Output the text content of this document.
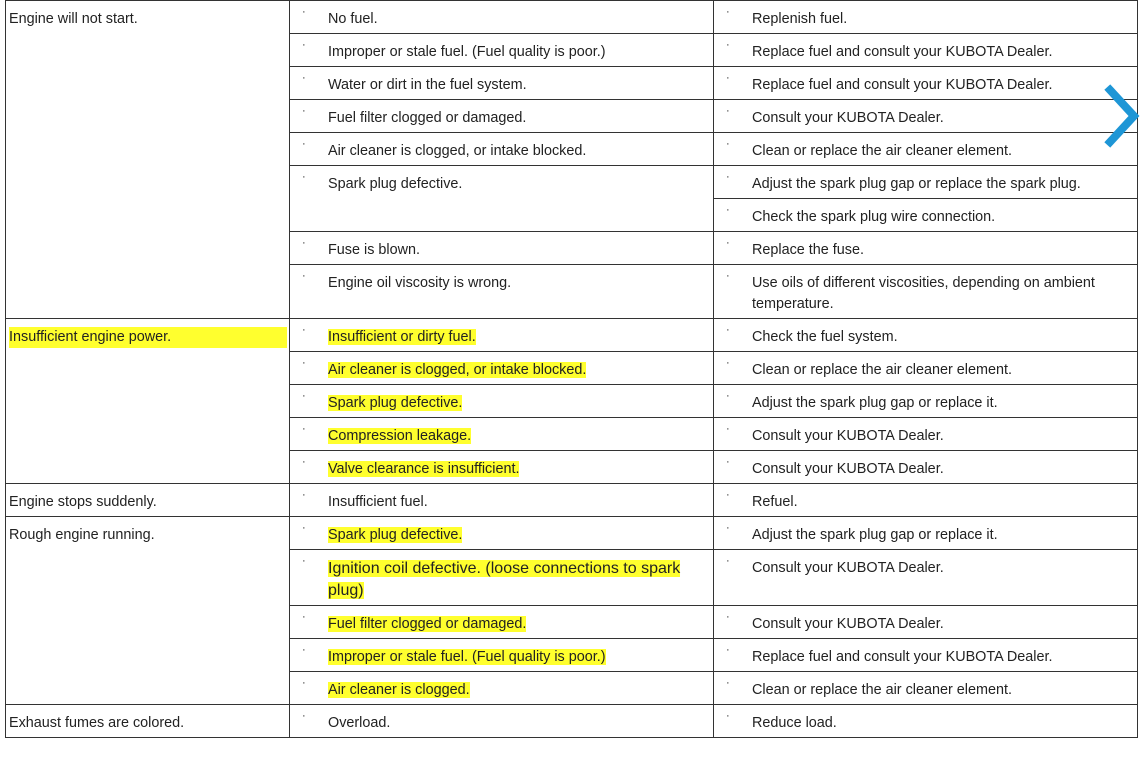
Engine will not start.	· No fuel.	· Replenish fuel.

	· Improper or stale fuel. (Fuel quality is poor.)	· Replace fuel and consult your KUBOTA Dealer.

	· Water or dirt in the fuel system.	· Replace fuel and consult your KUBOTA Dealer.

	· Fuel filter clogged or damaged.	· Consult your KUBOTA Dealer.

	· Air cleaner is clogged, or intake blocked.	· Clean or replace the air cleaner element.

	· Spark plug defective.	· Adjust the spark plug gap or replace the spark plug.

		· Check the spark plug wire connection.

	· Fuse is blown.	· Replace the fuse.

	· Engine oil viscosity is wrong.	· Use oils of different viscosities, depending on ambient temperature.

Insufficient engine power.	· Insufficient or dirty fuel.	· Check the fuel system.

	· Air cleaner is clogged, or intake blocked.	· Clean or replace the air cleaner element.

	· Spark plug defective.	· Adjust the spark plug gap or replace it.

	· Compression leakage.	· Consult your KUBOTA Dealer.

	· Valve clearance is insufficient.	· Consult your KUBOTA Dealer.

Engine stops suddenly.	· Insufficient fuel.	· Refuel.

Rough engine running.	· Spark plug defective.	· Adjust the spark plug gap or replace it.

	· Ignition coil defective. (loose connections to spark plug)	· Consult your KUBOTA Dealer.

	· Fuel filter clogged or damaged.	· Consult your KUBOTA Dealer.

	· Improper or stale fuel. (Fuel quality is poor.)	· Replace fuel and consult your KUBOTA Dealer.

	· Air cleaner is clogged.	· Clean or replace the air cleaner element.

Exhaust fumes are colored.	· Overload.	· Reduce load.
